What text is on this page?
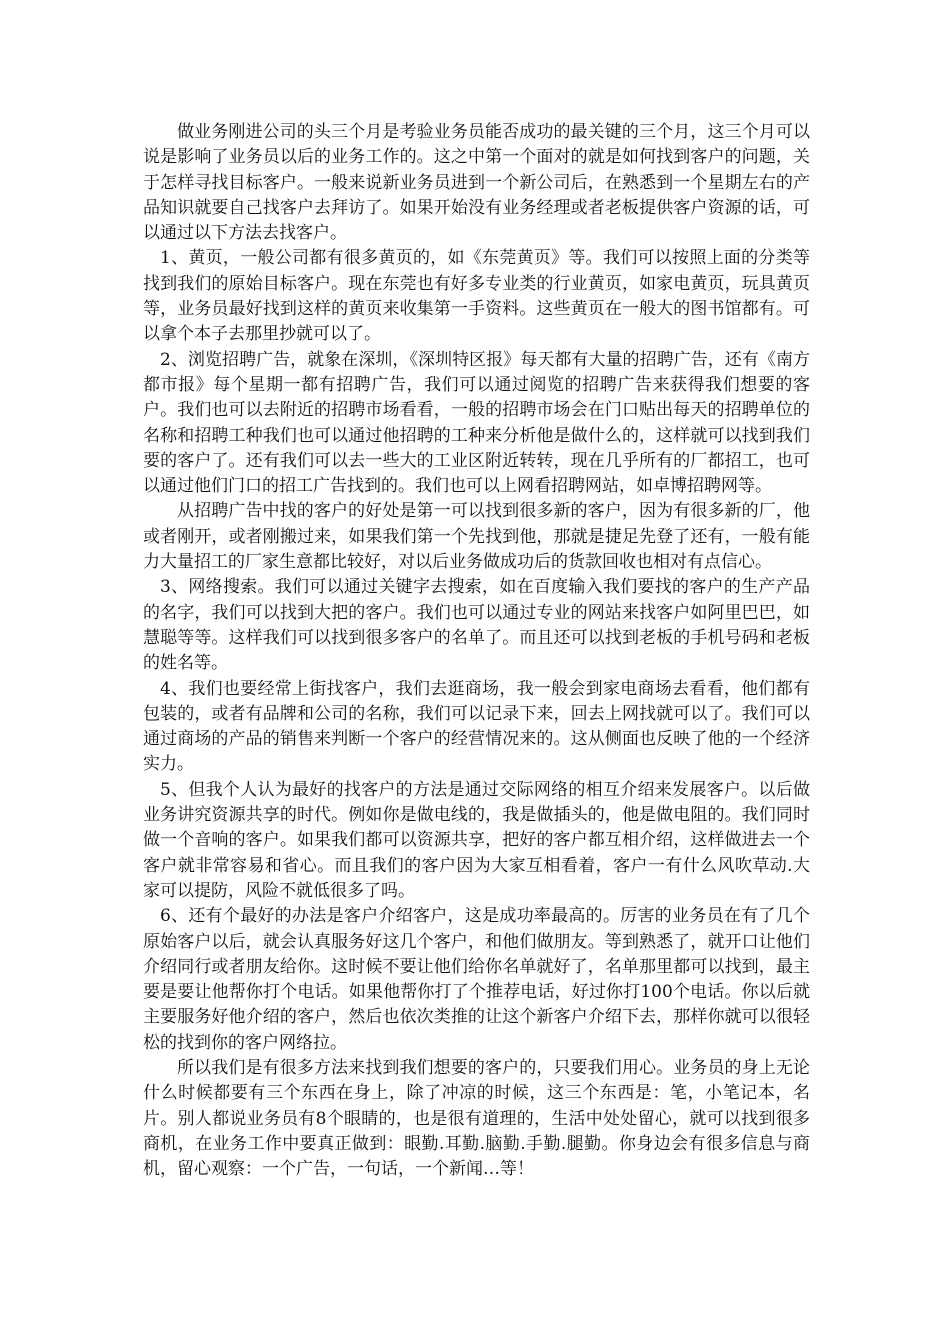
做业务刚进公司的头三个月是考验业务员能否成功的最关键的三个月，这三个月可以说是影响了业务员以后的业务工作的。这之中第一个面对的就是如何找到客户的问题，关于怎样寻找目标客户。一般来说新业务员进到一个新公司后，在熟悉到一个星期左右的产品知识就要自己找客户去拜访了。如果开始没有业务经理或者老板提供客户资源的话，可以通过以下方法去找客户。

1、黄页，一般公司都有很多黄页的，如《东莞黄页》等。我们可以按照上面的分类等找到我们的原始目标客户。现在东莞也有好多专业类的行业黄页，如家电黄页，玩具黄页等，业务员最好找到这样的黄页来收集第一手资料。这些黄页在一般大的图书馆都有。可以拿个本子去那里抄就可以了。

2、浏览招聘广告，就象在深圳，《深圳特区报》每天都有大量的招聘广告，还有《南方都市报》每个星期一都有招聘广告，我们可以通过阅览的招聘广告来获得我们想要的客户。我们也可以去附近的招聘市场看看，一般的招聘市场会在门口贴出每天的招聘单位的名称和招聘工种我们也可以通过他招聘的工种来分析他是做什么的，这样就可以找到我们要的客户了。还有我们可以去一些大的工业区附近转转，现在几乎所有的厂都招工，也可以通过他们门口的招工广告找到的。我们也可以上网看招聘网站，如卓博招聘网等。

从招聘广告中找的客户的好处是第一可以找到很多新的客户，因为有很多新的厂，他或者刚开，或者刚搬过来，如果我们第一个先找到他，那就是捷足先登了还有，一般有能力大量招工的厂家生意都比较好，对以后业务做成功后的货款回收也相对有点信心。

3、网络搜索。我们可以通过关键字去搜索，如在百度输入我们要找的客户的生产产品的名字，我们可以找到大把的客户。我们也可以通过专业的网站来找客户如阿里巴巴，如慧聪等等。这样我们可以找到很多客户的名单了。而且还可以找到老板的手机号码和老板的姓名等。

4、我们也要经常上街找客户，我们去逛商场，我一般会到家电商场去看看，他们都有包装的，或者有品牌和公司的名称，我们可以记录下来，回去上网找就可以了。我们可以通过商场的产品的销售来判断一个客户的经营情况来的。这从侧面也反映了他的一个经济实力。

5、但我个人认为最好的找客户的方法是通过交际网络的相互介绍来发展客户。以后做业务讲究资源共享的时代。例如你是做电线的，我是做插头的，他是做电阻的。我们同时做一个音响的客户。如果我们都可以资源共享，把好的客户都互相介绍，这样做进去一个客户就非常容易和省心。而且我们的客户因为大家互相看着，客户一有什么风吹草动.大家可以提防，风险不就低很多了吗。

6、还有个最好的办法是客户介绍客户，这是成功率最高的。厉害的业务员在有了几个原始客户以后，就会认真服务好这几个客户，和他们做朋友。等到熟悉了，就开口让他们介绍同行或者朋友给你。这时候不要让他们给你名单就好了，名单那里都可以找到，最主要是要让他帮你打个电话。如果他帮你打了个推荐电话，好过你打100个电话。你以后就主要服务好他介绍的客户，然后也依次类推的让这个新客户介绍下去，那样你就可以很轻松的找到你的客户网络拉。

所以我们是有很多方法来找到我们想要的客户的，只要我们用心。业务员的身上无论什么时候都要有三个东西在身上，除了冲凉的时候，这三个东西是：笔，小笔记本，名片。别人都说业务员有8个眼睛的，也是很有道理的，生活中处处留心，就可以找到很多商机，在业务工作中要真正做到：眼勤.耳勤.脑勤.手勤.腿勤。你身边会有很多信息与商机，留心观察：一个广告，一句话，一个新闻…等！
